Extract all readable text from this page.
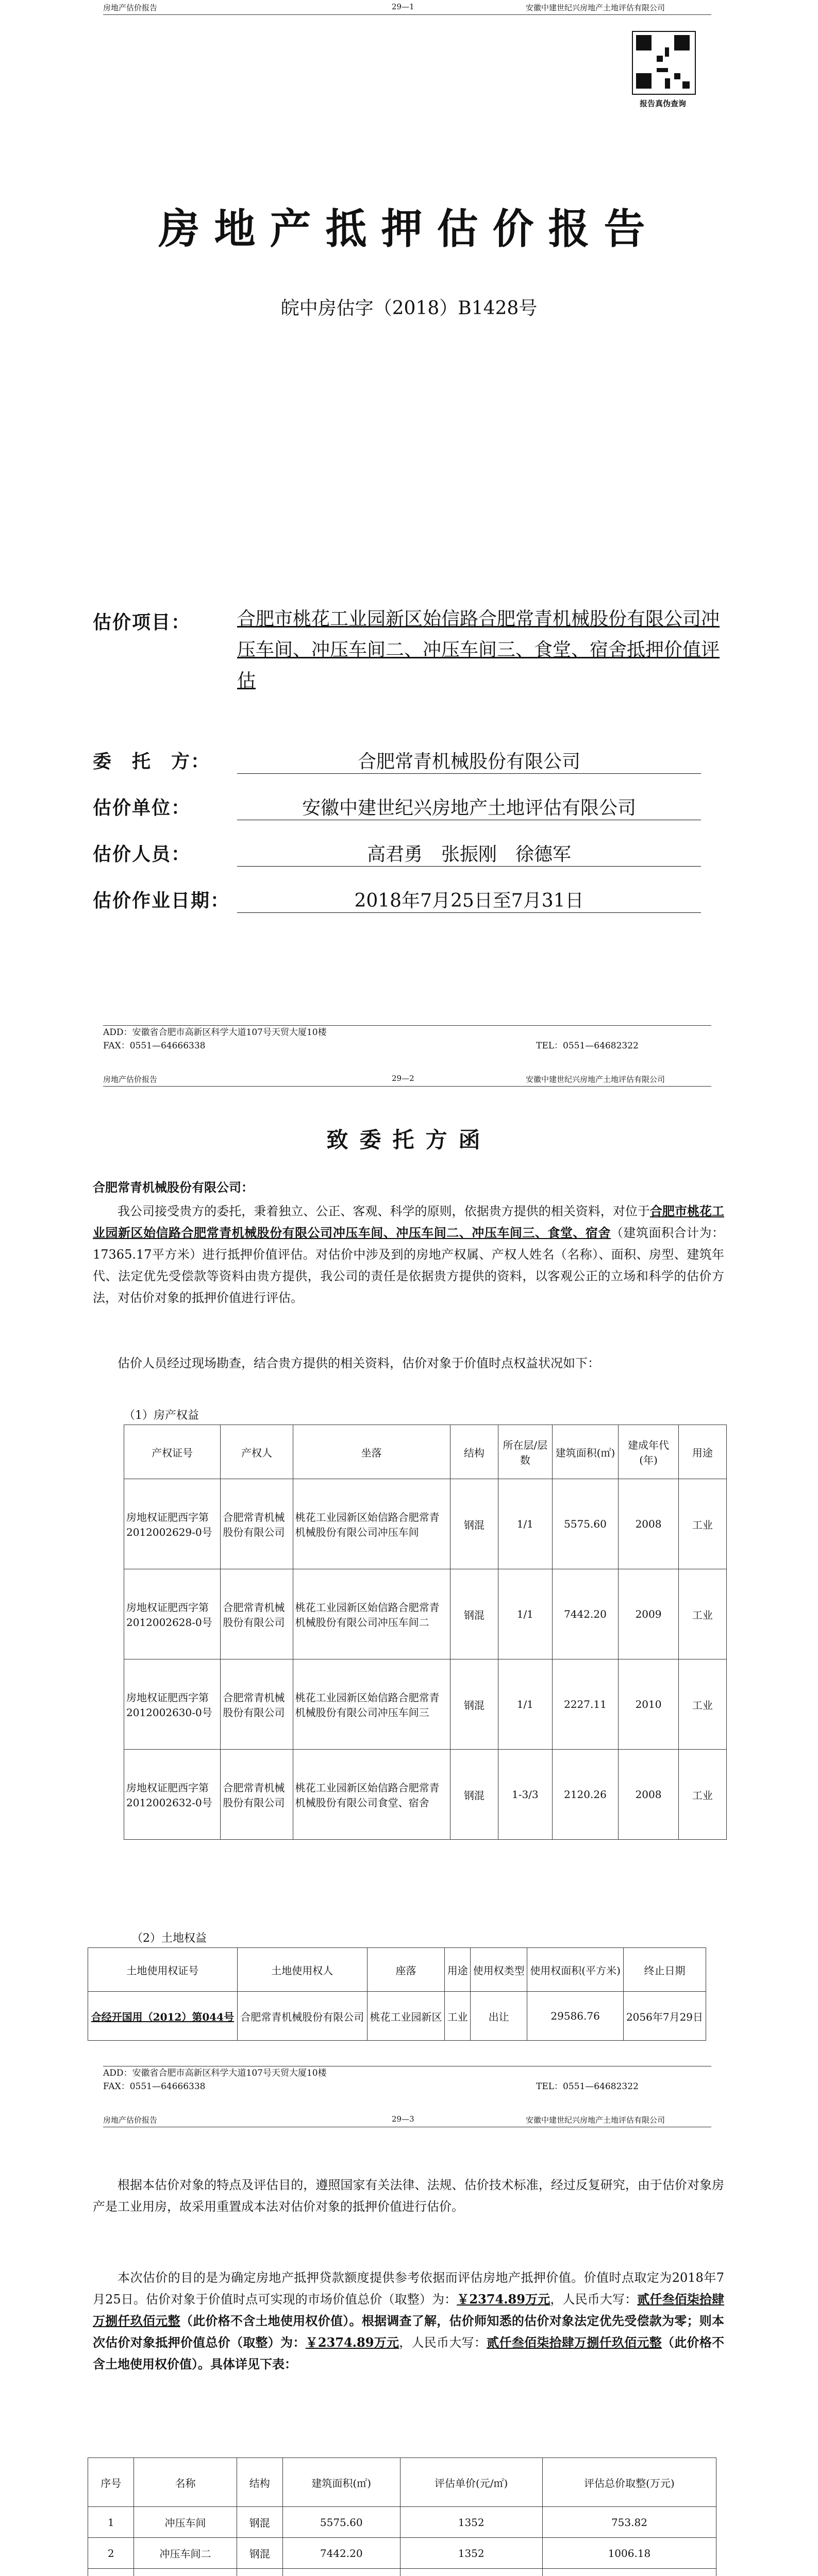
房地产估价报告	29—1	安徽中建世纪兴房地产土地评估有限公司
报告真伪查询
房地产抵押估价报告
皖中房估字（2018）B1428号
估价项目： 合肥市桃花工业园新区始信路合肥常青机械股份有限公司冲压车间、冲压车间二、冲压车间三、食堂、宿舍抵押价值评估
委　托　方：	合肥常青机械股份有限公司
估价单位：	安徽中建世纪兴房地产土地评估有限公司
估价人员：	高君勇　张振刚　徐德军
估价作业日期：	2018年7月25日至7月31日
ADD：安徽省合肥市高新区科学大道107号天贸大厦10楼
FAX：0551—64666338	TEL：0551—64682322
房地产估价报告	29—2	安徽中建世纪兴房地产土地评估有限公司
致委托方函
合肥常青机械股份有限公司：
我公司接受贵方的委托，秉着独立、公正、客观、科学的原则，依据贵方提供的相关资料，对位于合肥市桃花工业园新区始信路合肥常青机械股份有限公司冲压车间、冲压车间二、冲压车间三、食堂、宿舍（建筑面积合计为：17365.17平方米）进行抵押价值评估。对估价中涉及到的房地产权属、产权人姓名（名称）、面积、房型、建筑年代、法定优先受偿款等资料由贵方提供，我公司的责任是依据贵方提供的资料，以客观公正的立场和科学的估价方法，对估价对象的抵押价值进行评估。
估价人员经过现场勘查，结合贵方提供的相关资料，估价对象于价值时点权益状况如下：
（1）房产权益
产权证号	产权人	坐落	结构	所在层/层数	建筑面积(㎡)	建成年代(年)	用途
房地权证肥西字第2012002629-0号	合肥常青机械股份有限公司	桃花工业园新区始信路合肥常青机械股份有限公司冲压车间	钢混	1/1	5575.60	2008	工业
房地权证肥西字第2012002628-0号	合肥常青机械股份有限公司	桃花工业园新区始信路合肥常青机械股份有限公司冲压车间二	钢混	1/1	7442.20	2009	工业
房地权证肥西字第2012002630-0号	合肥常青机械股份有限公司	桃花工业园新区始信路合肥常青机械股份有限公司冲压车间三	钢混	1/1	2227.11	2010	工业
房地权证肥西字第2012002632-0号	合肥常青机械股份有限公司	桃花工业园新区始信路合肥常青机械股份有限公司食堂、宿舍	钢混	1-3/3	2120.26	2008	工业
（2）土地权益
土地使用权证号	土地使用权人	座落	用途	使用权类型	使用权面积(平方米)	终止日期
合经开国用（2012）第044号	合肥常青机械股份有限公司	桃花工业园新区	工业	出让	29586.76	2056年7月29日
ADD：安徽省合肥市高新区科学大道107号天贸大厦10楼
FAX：0551—64666338	TEL：0551—64682322
房地产估价报告	29—3	安徽中建世纪兴房地产土地评估有限公司
根据本估价对象的特点及评估目的，遵照国家有关法律、法规、估价技术标准，经过反复研究，由于估价对象房产是工业用房，故采用重置成本法对估价对象的抵押价值进行估价。
本次估价的目的是为确定房地产抵押贷款额度提供参考依据而评估房地产抵押价值。价值时点取定为2018年7月25日。估价对象于价值时点可实现的市场价值总价（取整）为：￥2374.89万元，人民币大写：贰仟叁佰柒拾肆万捌仟玖佰元整（此价格不含土地使用权价值）。根据调查了解，估价师知悉的估价对象法定优先受偿款为零；则本次估价对象抵押价值总价（取整）为：￥2374.89万元，人民币大写：贰仟叁佰柒拾肆万捌仟玖佰元整（此价格不含土地使用权价值）。具体详见下表：
序号	名称	结构	建筑面积(㎡)	评估单价(元/㎡)	评估总价取整(万元)
1	冲压车间	钢混	5575.60	1352	753.82
2	冲压车间二	钢混	7442.20	1352	1006.18
